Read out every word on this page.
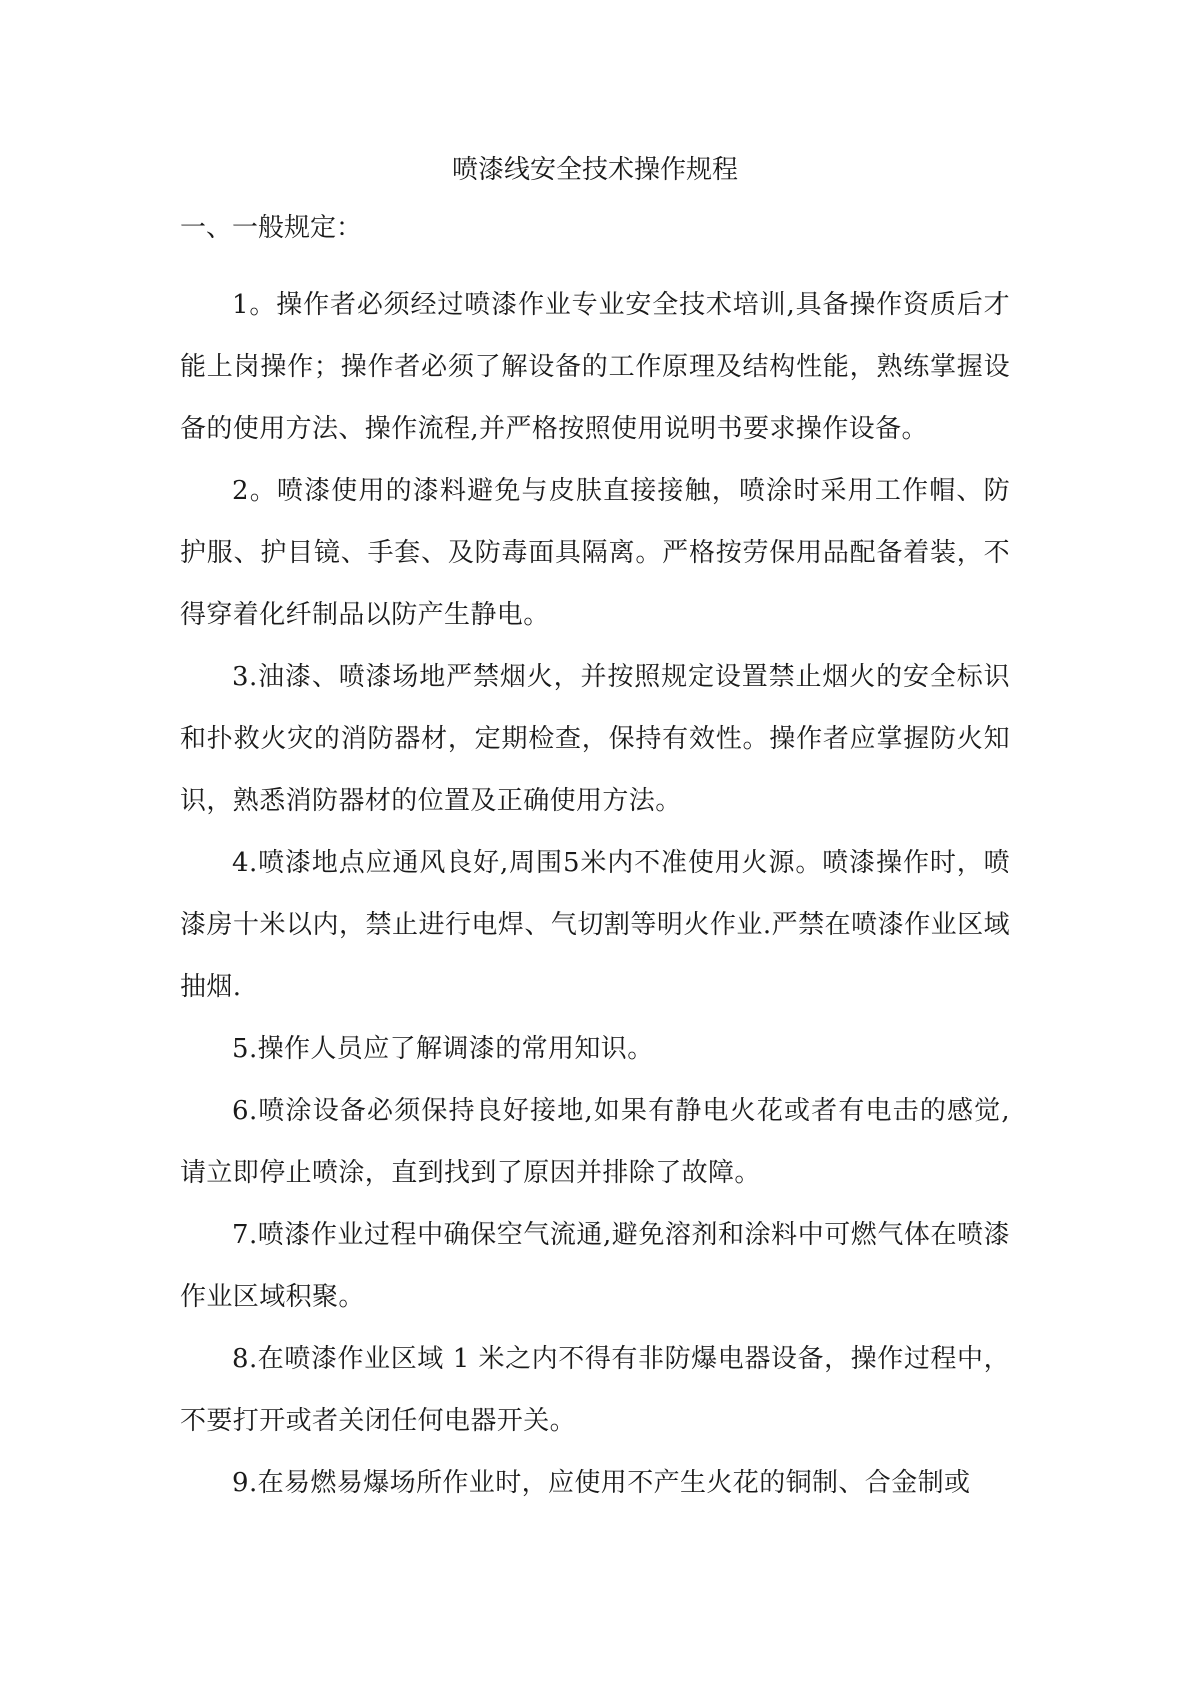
喷漆线安全技术操作规程

一、一般规定：

1。操作者必须经过喷漆作业专业安全技术培训,具备操作资质后才能上岗操作；操作者必须了解设备的工作原理及结构性能，熟练掌握设备的使用方法、操作流程,并严格按照使用说明书要求操作设备。

2。喷漆使用的漆料避免与皮肤直接接触，喷涂时采用工作帽、防护服、护目镜、手套、及防毒面具隔离。严格按劳保用品配备着装，不得穿着化纤制品以防产生静电。

3.油漆、喷漆场地严禁烟火，并按照规定设置禁止烟火的安全标识和扑救火灾的消防器材，定期检查，保持有效性。操作者应掌握防火知识，熟悉消防器材的位置及正确使用方法。

4.喷漆地点应通风良好,周围5米内不准使用火源。喷漆操作时，喷漆房十米以内，禁止进行电焊、气切割等明火作业.严禁在喷漆作业区域抽烟.

5.操作人员应了解调漆的常用知识。

6.喷涂设备必须保持良好接地,如果有静电火花或者有电击的感觉,请立即停止喷涂，直到找到了原因并排除了故障。

7.喷漆作业过程中确保空气流通,避免溶剂和涂料中可燃气体在喷漆作业区域积聚。

8.在喷漆作业区域 1 米之内不得有非防爆电器设备，操作过程中，不要打开或者关闭任何电器开关。

9.在易燃易爆场所作业时，应使用不产生火花的铜制、合金制或
